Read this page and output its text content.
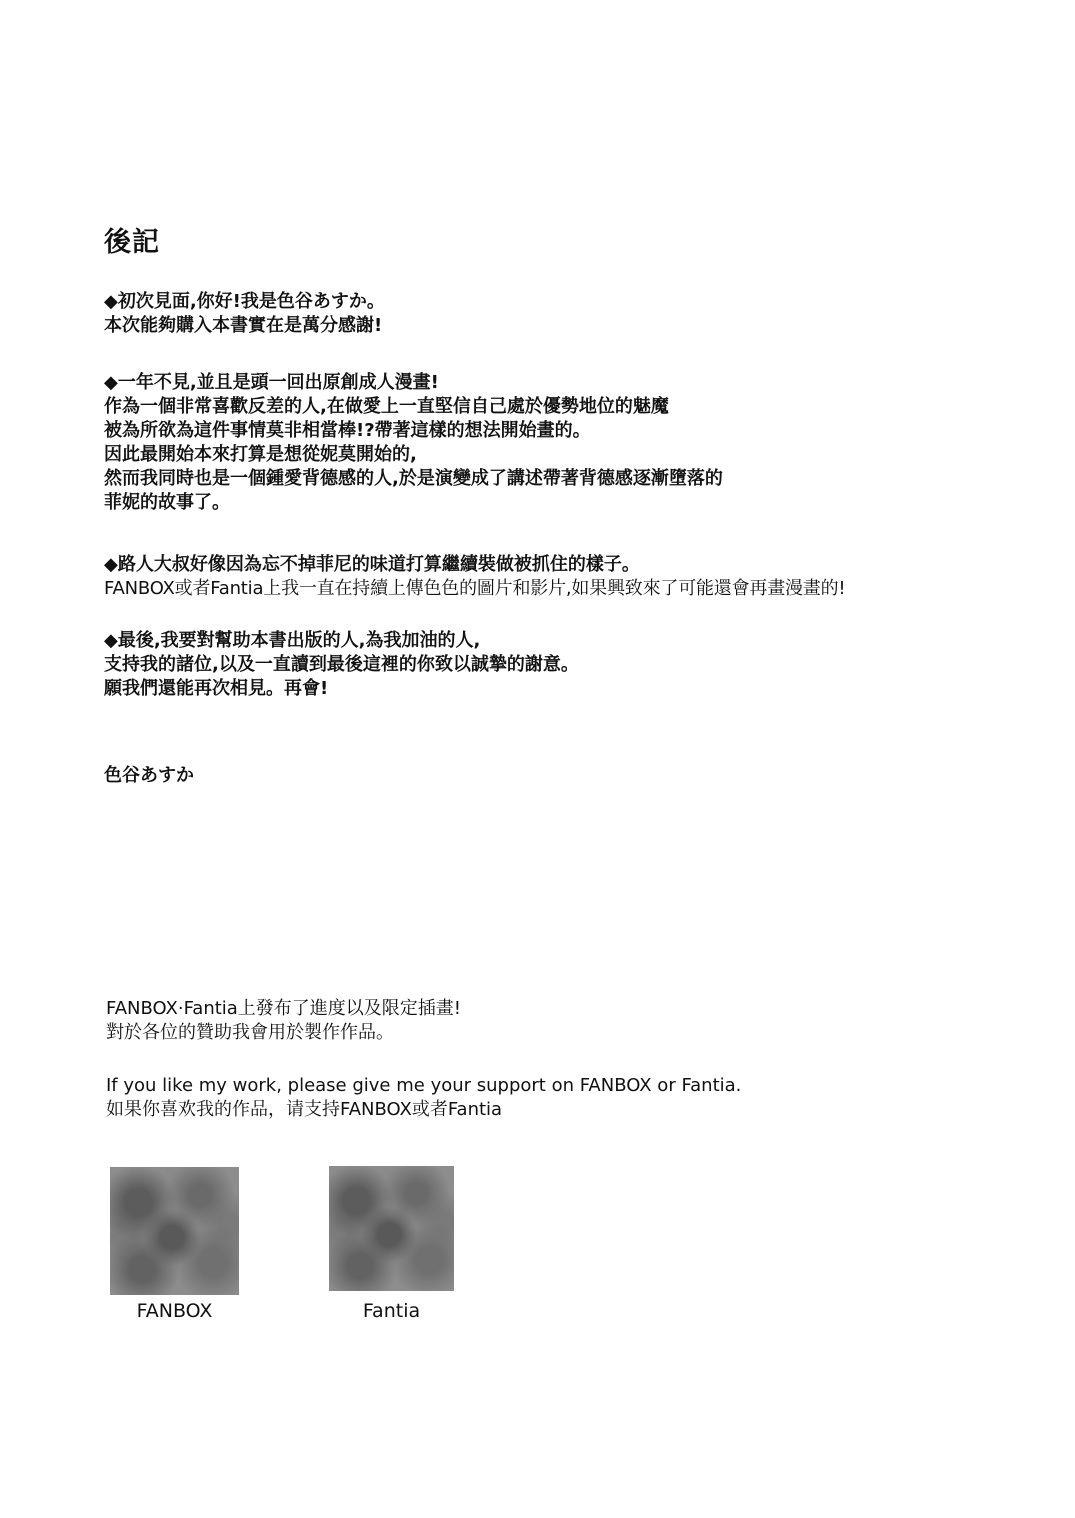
後記

◆初次見面,你好!我是色谷あすか。
本次能夠購入本書實在是萬分感謝!

◆一年不見,並且是頭一回出原創成人漫畫!
作為一個非常喜歡反差的人,在做愛上一直堅信自己處於優勢地位的魅魔
被為所欲為這件事情莫非相當棒!?帶著這樣的想法開始畫的。
因此最開始本來打算是想從妮莫開始的,
然而我同時也是一個鍾愛背德感的人,於是演變成了講述帶著背德感逐漸墮落的
菲妮的故事了。

◆路人大叔好像因為忘不掉菲尼的味道打算繼續裝做被抓住的樣子。
FANBOX或者Fantia上我一直在持續上傳色色的圖片和影片,如果興致來了可能還會再畫漫畫的!

◆最後,我要對幫助本書出版的人,為我加油的人,
支持我的諸位,以及一直讀到最後這裡的你致以誠摯的謝意。
願我們還能再次相見。再會!

色谷あすか

FANBOX·Fantia上發布了進度以及限定插畫!
對於各位的贊助我會用於製作作品。

If you like my work, please give me your support on FANBOX or Fantia.
如果你喜欢我的作品，请支持FANBOX或者Fantia

FANBOX	Fantia
